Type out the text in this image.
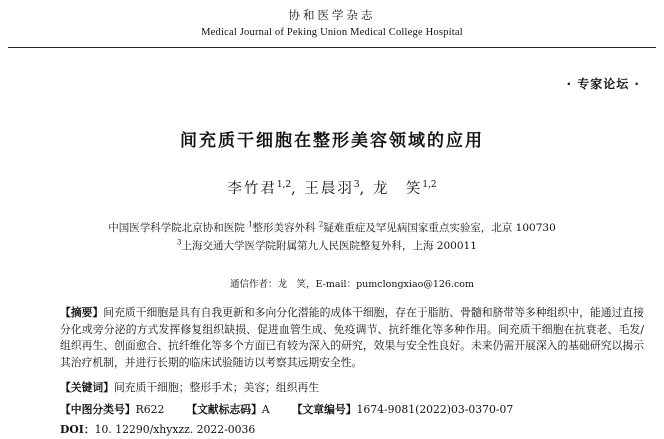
协和医学杂志
Medical Journal of Peking Union Medical College Hospital
· 专家论坛 ·
间充质干细胞在整形美容领域的应用
李竹君$^{1,2}$, 王晨羽$^3$, 龙　笑$^{1,2}$
中国医学科学院北京协和医院 $^1$整形美容外科 $^2$疑难重症及罕见病国家重点实验室，北京 100730
$^3$上海交通大学医学院附属第九人民医院整复外科，上海 200011
通信作者：龙　笑，E-mail：pumclongxiao@126.com
【摘要】间充质干细胞是具有自我更新和多向分化潜能的成体干细胞，存在于脂肪、骨髓和脐带等多种组织中，能通过直接分化或旁分泌的方式发挥修复组织缺损、促进血管生成、免疫调节、抗纤维化等多种作用。间充质干细胞在抗衰老、毛发/组织再生、创面愈合、抗纤维化等多个方面已有较为深入的研究，效果与安全性良好。未来仍需开展深入的基础研究以揭示其治疗机制，并进行长期的临床试验随访以考察其远期安全性。
【关键词】间充质干细胞；整形手术；美容；组织再生
【中图分类号】R622 【文献标志码】A 【文章编号】1674-9081(2022)03-0370-07
DOI：10. 12290/xhyxzz. 2022-0036
